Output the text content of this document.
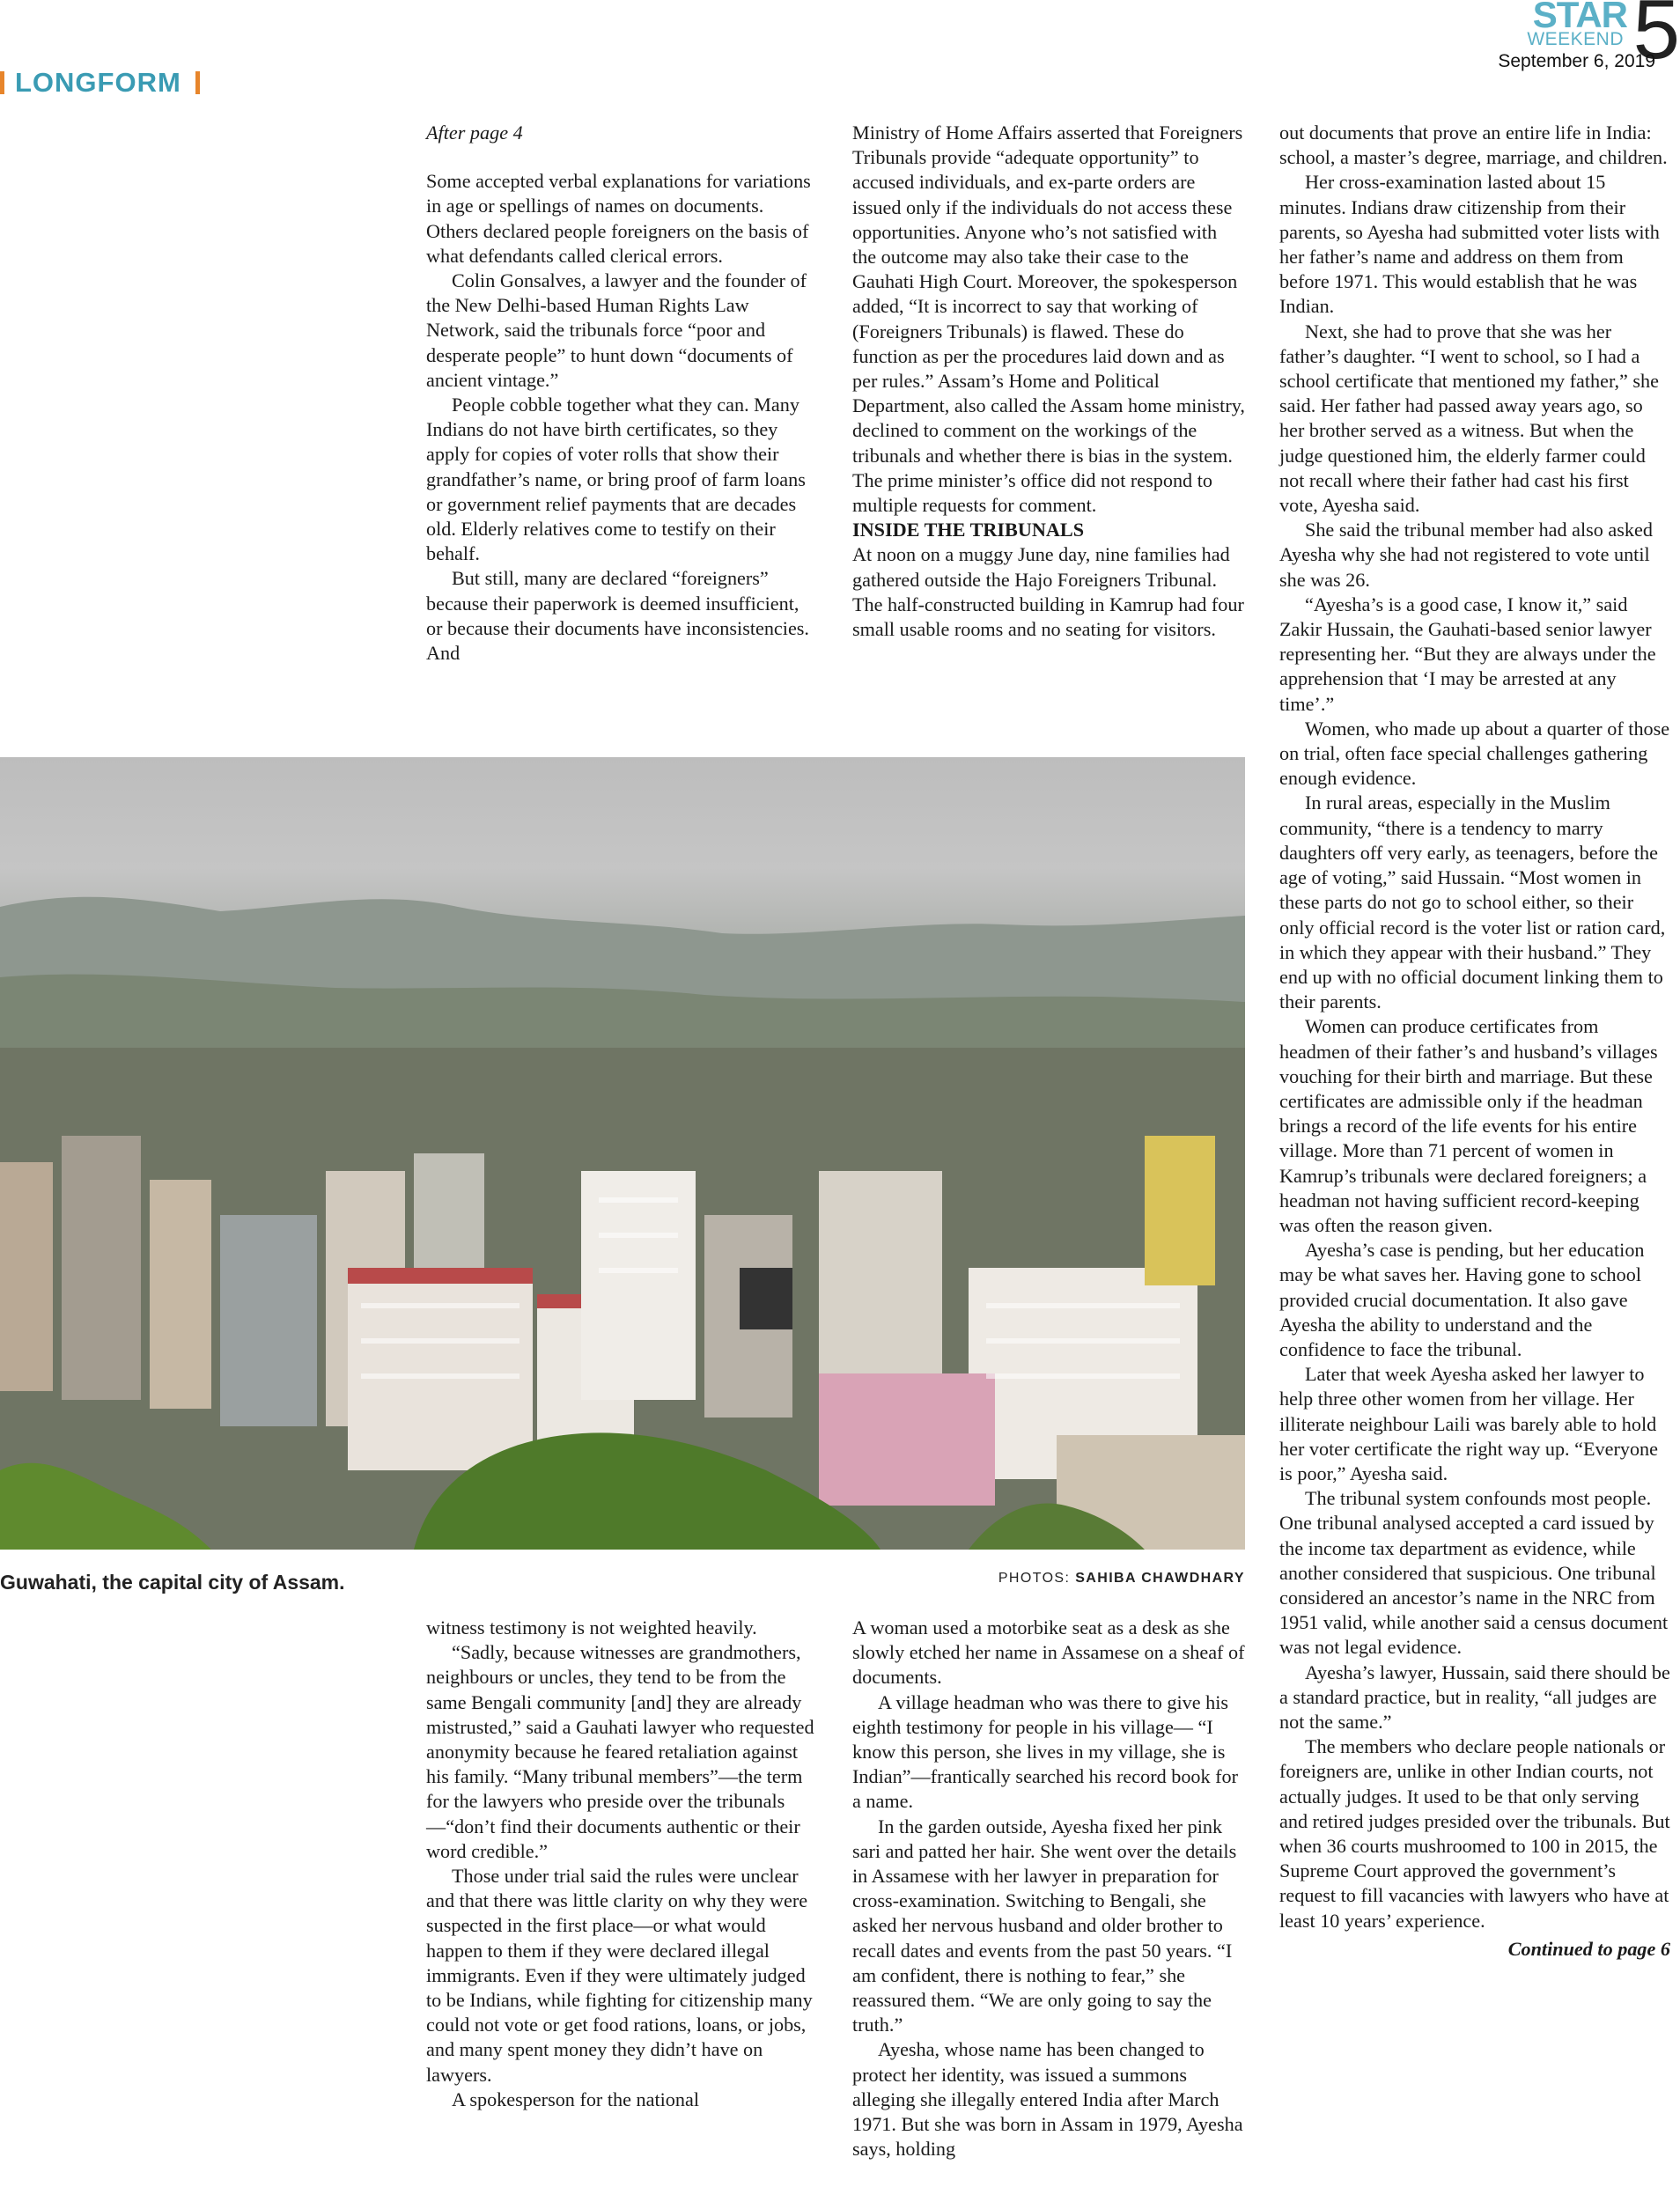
LONGFORM
5
STAR
WEEKEND
September 6, 2019

After page 4

Some accepted verbal explanations for variations in age or spellings of names on documents. Others declared people foreigners on the basis of what defendants called clerical errors.

Colin Gonsalves, a lawyer and the founder of the New Delhi-based Human Rights Law Network, said the tribunals force “poor and desperate people” to hunt down “documents of ancient vintage.”

People cobble together what they can. Many Indians do not have birth certificates, so they apply for copies of voter rolls that show their grandfather’s name, or bring proof of farm loans or government relief payments that are decades old. Elderly relatives come to testify on their behalf.

But still, many are declared “foreigners” because their paperwork is deemed insufficient, or because their documents have inconsistencies. And

Ministry of Home Affairs asserted that Foreigners Tribunals provide “adequate opportunity” to accused individuals, and ex-parte orders are issued only if the individuals do not access these opportunities. Anyone who’s not satisfied with the outcome may also take their case to the Gauhati High Court. Moreover, the spokesperson added, “It is incorrect to say that working of (Foreigners Tribunals) is flawed. These do function as per the procedures laid down and as per rules.” Assam’s Home and Political Department, also called the Assam home ministry, declined to comment on the workings of the tribunals and whether there is bias in the system. The prime minister’s office did not respond to multiple requests for comment.

INSIDE THE TRIBUNALS

At noon on a muggy June day, nine families had gathered outside the Hajo Foreigners Tribunal. The half-constructed building in Kamrup had four small usable rooms and no seating for visitors.

out documents that prove an entire life in India: school, a master’s degree, marriage, and children.

Her cross-examination lasted about 15 minutes. Indians draw citizenship from their parents, so Ayesha had submitted voter lists with her father’s name and address on them from before 1971. This would establish that he was Indian.

Next, she had to prove that she was her father’s daughter. “I went to school, so I had a school certificate that mentioned my father,” she said. Her father had passed away years ago, so her brother served as a witness. But when the judge questioned him, the elderly farmer could not recall where their father had cast his first vote, Ayesha said.

She said the tribunal member had also asked Ayesha why she had not registered to vote until she was 26.

“Ayesha’s is a good case, I know it,” said Zakir Hussain, the Gauhati-based senior lawyer representing her. “But they are always under the apprehension that ‘I may be arrested at any time’.”

Women, who made up about a quarter of those on trial, often face special challenges gathering enough evidence.

In rural areas, especially in the Muslim community, “there is a tendency to marry daughters off very early, as teenagers, before the age of voting,” said Hussain. “Most women in these parts do not go to school either, so their only official record is the voter list or ration card, in which they appear with their husband.” They end up with no official document linking them to their parents.

Women can produce certificates from headmen of their father’s and husband’s villages vouching for their birth and marriage. But these certificates are admissible only if the headman brings a record of the life events for his entire village. More than 71 percent of women in Kamrup’s tribunals were declared foreigners; a headman not having sufficient record-keeping was often the reason given.

Ayesha’s case is pending, but her education may be what saves her. Having gone to school provided crucial documentation. It also gave Ayesha the ability to understand and the confidence to face the tribunal.

Later that week Ayesha asked her lawyer to help three other women from her village. Her illiterate neighbour Laili was barely able to hold her voter certificate the right way up. “Everyone is poor,” Ayesha said.

The tribunal system confounds most people. One tribunal analysed accepted a card issued by the income tax department as evidence, while another considered that suspicious. One tribunal considered an ancestor’s name in the NRC from 1951 valid, while another said a census document was not legal evidence.

Ayesha’s lawyer, Hussain, said there should be a standard practice, but in reality, “all judges are not the same.”

The members who declare people nationals or foreigners are, unlike in other Indian courts, not actually judges. It used to be that only serving and retired judges presided over the tribunals. But when 36 courts mushroomed to 100 in 2015, the Supreme Court approved the government’s request to fill vacancies with lawyers who have at least 10 years’ experience.

Continued to page 6

Guwahati, the capital city of Assam.	PHOTOS: SAHIBA CHAWDHARY

witness testimony is not weighted heavily.

“Sadly, because witnesses are grandmothers, neighbours or uncles, they tend to be from the same Bengali community [and] they are already mistrusted,” said a Gauhati lawyer who requested anonymity because he feared retaliation against his family. “Many tribunal members”—the term for the lawyers who preside over the tribunals—“don’t find their documents authentic or their word credible.”

Those under trial said the rules were unclear and that there was little clarity on why they were suspected in the first place—or what would happen to them if they were declared illegal immigrants. Even if they were ultimately judged to be Indians, while fighting for citizenship many could not vote or get food rations, loans, or jobs, and many spent money they didn’t have on lawyers.

A spokesperson for the national

A woman used a motorbike seat as a desk as she slowly etched her name in Assamese on a sheaf of documents.

A village headman who was there to give his eighth testimony for people in his village— “I know this person, she lives in my village, she is Indian”—frantically searched his record book for a name.

In the garden outside, Ayesha fixed her pink sari and patted her hair. She went over the details in Assamese with her lawyer in preparation for cross-examination. Switching to Bengali, she asked her nervous husband and older brother to recall dates and events from the past 50 years. “I am confident, there is nothing to fear,” she reassured them. “We are only going to say the truth.”

Ayesha, whose name has been changed to protect her identity, was issued a summons alleging she illegally entered India after March 1971. But she was born in Assam in 1979, Ayesha says, holding
